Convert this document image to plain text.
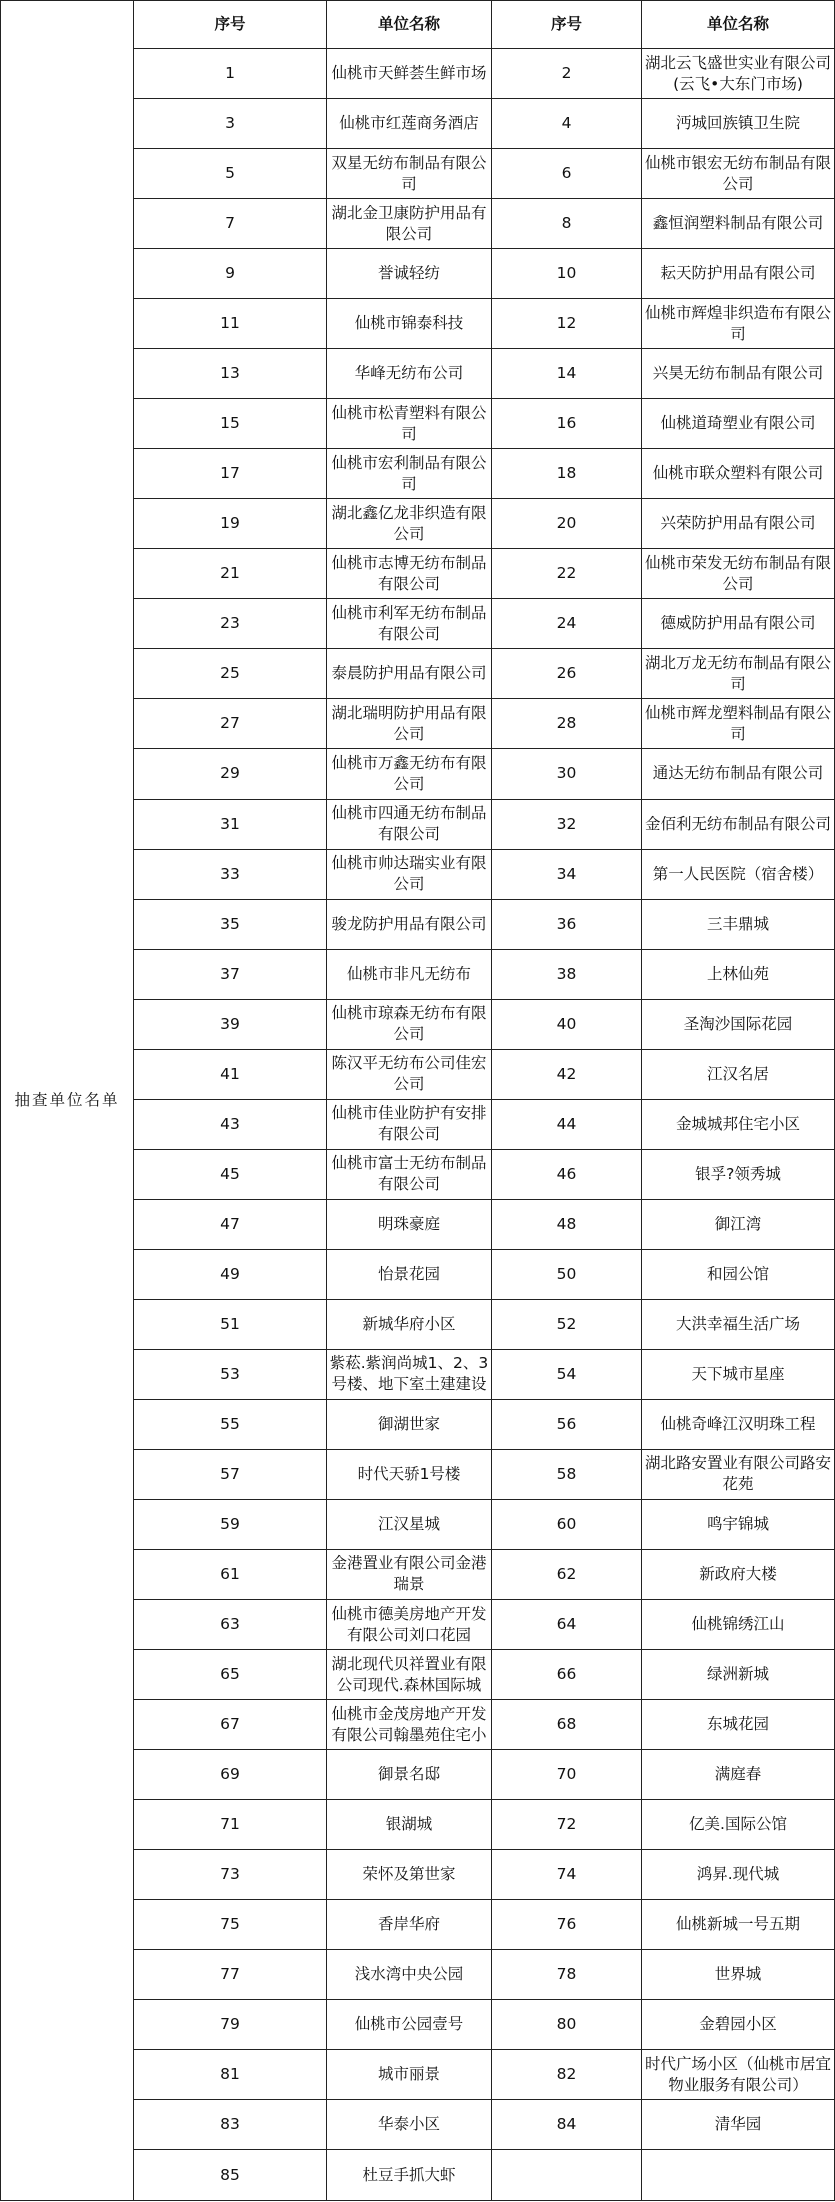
抽查单位名单	序号	单位名称	序号	单位名称
	1	仙桃市天鲜荟生鲜市场	2	湖北云飞盛世实业有限公司(云飞•大东门市场)
	3	仙桃市红莲商务酒店	4	沔城回族镇卫生院
	5	双星无纺布制品有限公司	6	仙桃市银宏无纺布制品有限公司
	7	湖北金卫康防护用品有限公司	8	鑫恒润塑料制品有限公司
	9	誉诚轻纺	10	耘天防护用品有限公司
	11	仙桃市锦泰科技	12	仙桃市辉煌非织造布有限公司
	13	华峰无纺布公司	14	兴昊无纺布制品有限公司
	15	仙桃市松青塑料有限公司	16	仙桃道琦塑业有限公司
	17	仙桃市宏利制品有限公司	18	仙桃市联众塑料有限公司
	19	湖北鑫亿龙非织造有限公司	20	兴荣防护用品有限公司
	21	仙桃市志博无纺布制品有限公司	22	仙桃市荣发无纺布制品有限公司
	23	仙桃市利军无纺布制品有限公司	24	德威防护用品有限公司
	25	泰晨防护用品有限公司	26	湖北万龙无纺布制品有限公司
	27	湖北瑞明防护用品有限公司	28	仙桃市辉龙塑料制品有限公司
	29	仙桃市万鑫无纺布有限公司	30	通达无纺布制品有限公司
	31	仙桃市四通无纺布制品有限公司	32	金佰利无纺布制品有限公司
	33	仙桃市帅达瑞实业有限公司	34	第一人民医院（宿舍楼）
	35	骏龙防护用品有限公司	36	三丰鼎城
	37	仙桃市非凡无纺布	38	上林仙苑
	39	仙桃市琼森无纺布有限公司	40	圣淘沙国际花园
	41	陈汉平无纺布公司佳宏公司	42	江汉名居
	43	仙桃市佳业防护有安排有限公司	44	金城城邦住宅小区
	45	仙桃市富士无纺布制品有限公司	46	银孚?领秀城
	47	明珠豪庭	48	御江湾
	49	怡景花园	50	和园公馆
	51	新城华府小区	52	大洪幸福生活广场
	53	紫菘.紫润尚城1、2、3号楼、地下室土建建设	54	天下城市星座
	55	御湖世家	56	仙桃奇峰江汉明珠工程
	57	时代天骄1号楼	58	湖北路安置业有限公司路安花苑
	59	江汉星城	60	鸣宇锦城
	61	金港置业有限公司金港瑞景	62	新政府大楼
	63	仙桃市德美房地产开发有限公司刘口花园	64	仙桃锦绣江山
	65	湖北现代贝祥置业有限公司现代.森林国际城	66	绿洲新城
	67	仙桃市金茂房地产开发有限公司翰墨苑住宅小	68	东城花园
	69	御景名邸	70	满庭春
	71	银湖城	72	亿美.国际公馆
	73	荣怀及第世家	74	鸿昇.现代城
	75	香岸华府	76	仙桃新城一号五期
	77	浅水湾中央公园	78	世界城
	79	仙桃市公园壹号	80	金碧园小区
	81	城市丽景	82	时代广场小区（仙桃市居宜物业服务有限公司）
	83	华泰小区	84	清华园
	85	杜豆手抓大虾		
